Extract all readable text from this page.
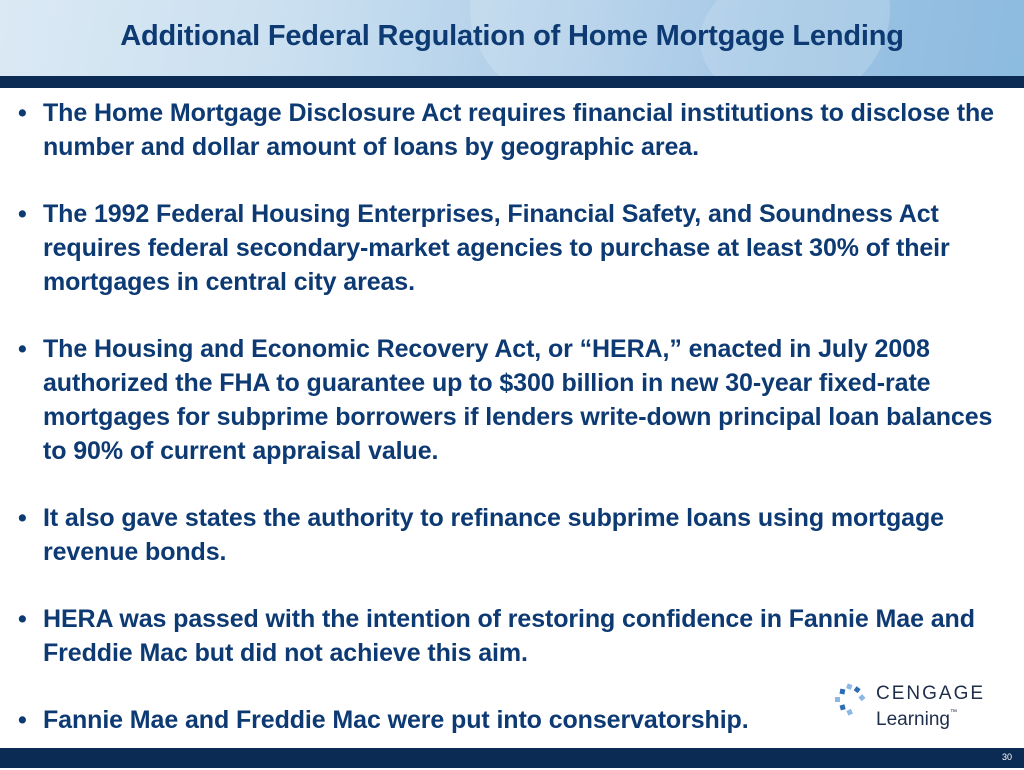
Additional Federal Regulation of Home Mortgage Lending
• The Home Mortgage Disclosure Act requires financial institutions to disclose the number and dollar amount of loans by geographic area.
• The 1992 Federal Housing Enterprises, Financial Safety, and Soundness Act requires federal secondary-market agencies to purchase at least 30% of their mortgages in central city areas.
• The Housing and Economic Recovery Act, or “HERA,” enacted in July 2008 authorized the FHA to guarantee up to $300 billion in new 30-year fixed-rate mortgages for subprime borrowers if lenders write-down principal loan balances to 90% of current appraisal value.
• It also gave states the authority to refinance subprime loans using mortgage revenue bonds.
• HERA was passed with the intention of restoring confidence in Fannie Mae and Freddie Mac but did not achieve this aim.
• Fannie Mae and Freddie Mac were put into conservatorship.
CENGAGE
Learning™
30
